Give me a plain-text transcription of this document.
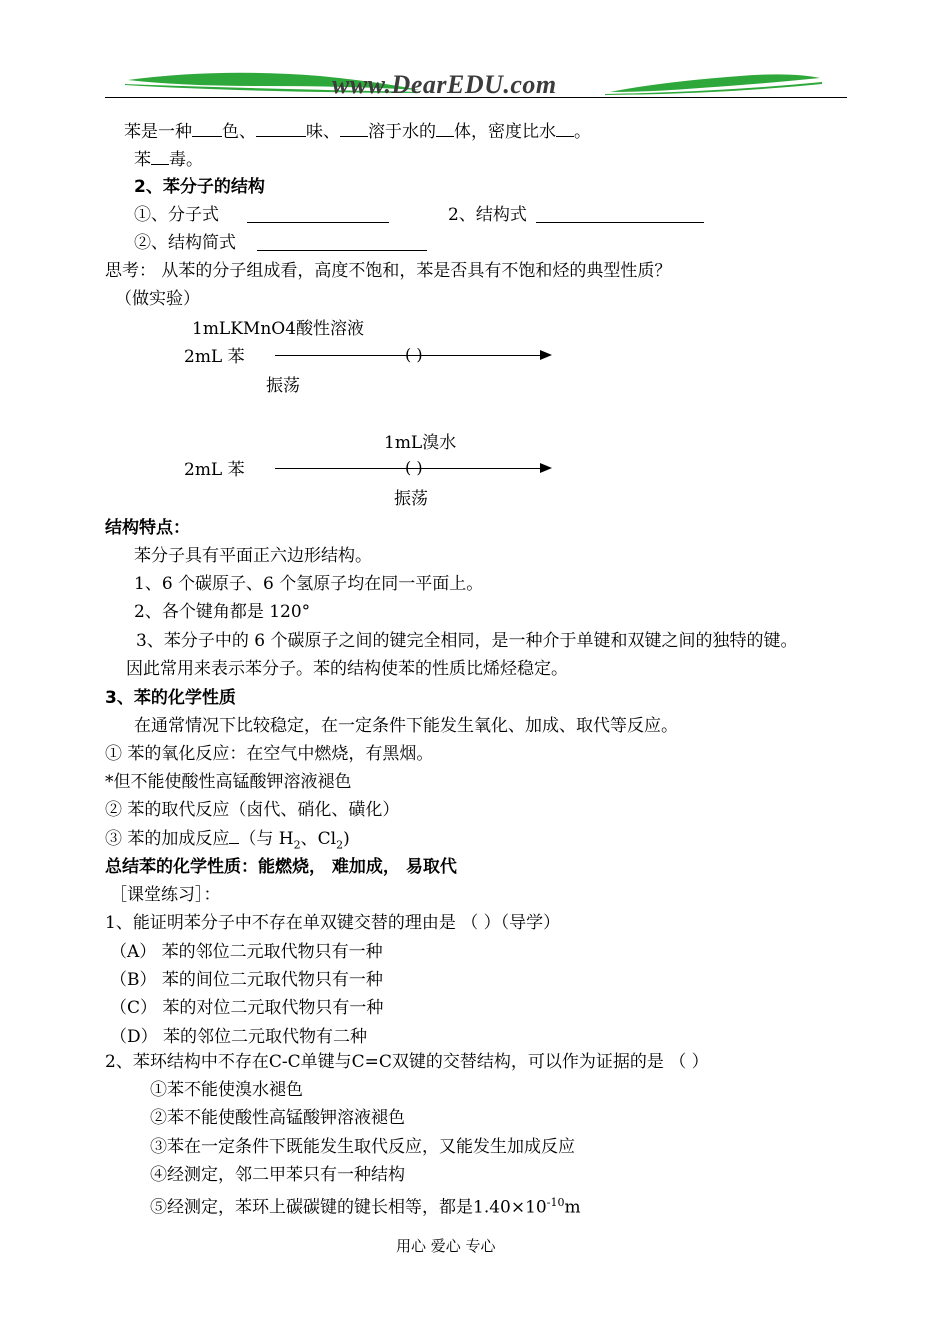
www.DearEDU.com
苯是一种 色、	味、 溶于水的 体，密度比水 。
苯 毒。
2、苯分子的结构
①、分子式	2、结构式
②、结构简式
思考： 从苯的分子组成看，高度不饱和，苯是否具有不饱和烃的典型性质？
（做实验）
1mLKMnO4酸性溶液
2mL 苯	( )
振荡
1mL溴水
2mL 苯	( )
振荡
结构特点：
苯分子具有平面正六边形结构。
1、6 个碳原子、6 个氢原子均在同一平面上。
2、各个键角都是 120°
3、苯分子中的 6 个碳原子之间的键完全相同，是一种介于单键和双键之间的独特的键。
因此常用来表示苯分子。苯的结构使苯的性质比烯烃稳定。
3、苯的化学性质
在通常情况下比较稳定，在一定条件下能发生氧化、加成、取代等反应。
① 苯的氧化反应：在空气中燃烧，有黑烟。
*但不能使酸性高锰酸钾溶液褪色
② 苯的取代反应（卤代、硝化、磺化）
③ 苯的加成反应 （与 $H_2$、$Cl_2$)
总结苯的化学性质：能燃烧， 难加成， 易取代
［课堂练习］：
1、能证明苯分子中不存在单双键交替的理由是 （ ）（导学）
（A） 苯的邻位二元取代物只有一种
（B） 苯的间位二元取代物只有一种
（C） 苯的对位二元取代物只有一种
（D） 苯的邻位二元取代物有二种
2、苯环结构中不存在C-C单键与C=C双键的交替结构，可以作为证据的是 （ ）
①苯不能使溴水褪色
②苯不能使酸性高锰酸钾溶液褪色
③苯在一定条件下既能发生取代反应，又能发生加成反应
④经测定，邻二甲苯只有一种结构
⑤经测定，苯环上碳碳键的键长相等，都是$1.40\times 10^{-10}m$
用心 爱心 专心
